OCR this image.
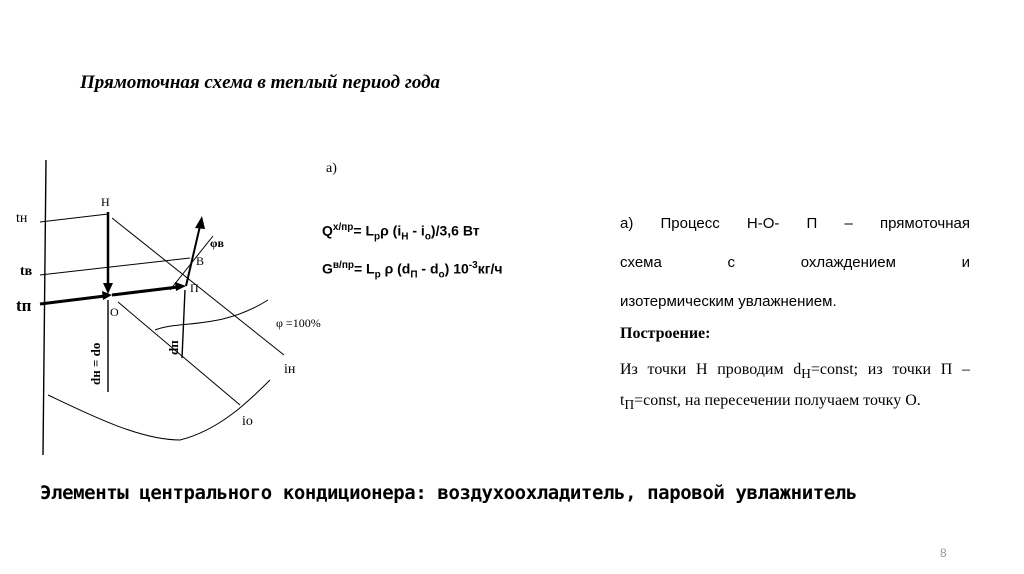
Прямоточная схема в теплый период года
tн
tв
tп
Н
О
П
В
φв
φ =100%
iн
iо
dн = dо	dп
а)
$Q^{х/пр}= L_р\rho$ $(i_Н - i_о)/3,6$ Вт
$G^{в/пр}= L_р$ ρ $(d_П - d_о)$ $10^{-3}кг/ч$
а) Процесс Н-О- П – прямоточная
схема с охлаждением и
изотермическим увлажнением.
Построение:
Из точки Н проводим $d_Н=const$; из точки $П - t_П=const$, на пересечении получаем точку О.
Элементы центрального кондиционера: воздухоохладитель, паровой увлажнитель
8
